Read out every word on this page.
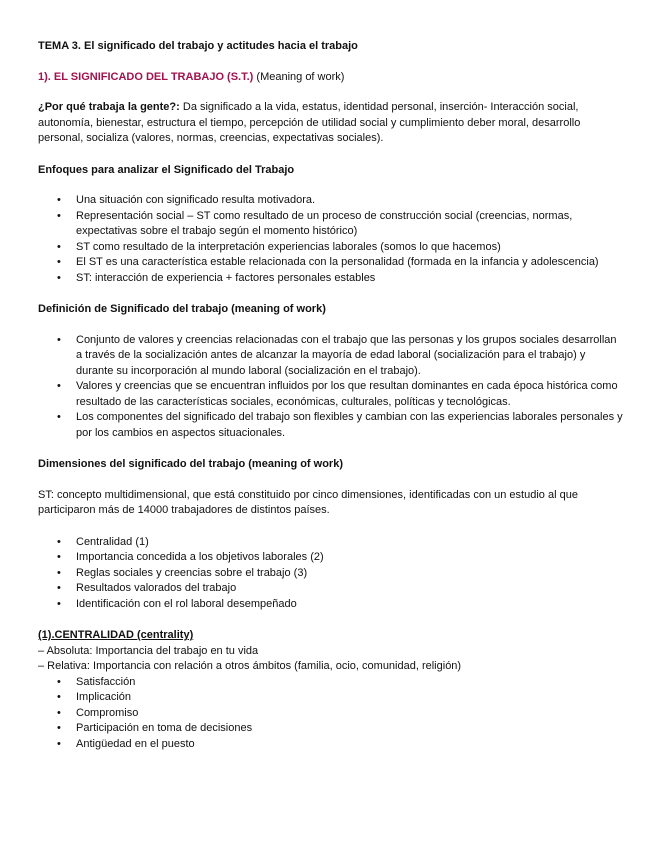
TEMA 3. El significado del trabajo y actitudes hacia el trabajo

1). EL SIGNIFICADO DEL TRABAJO (S.T.) (Meaning of work)

¿Por qué trabaja la gente?: Da significado a la vida, estatus, identidad personal, inserción- Interacción social, autonomía, bienestar, estructura el tiempo, percepción de utilidad social y cumplimiento deber moral, desarrollo personal, socializa (valores, normas, creencias, expectativas sociales).

Enfoques para analizar el Significado del Trabajo

• Una situación con significado resulta motivadora.
• Representación social – ST como resultado de un proceso de construcción social (creencias, normas, expectativas sobre el trabajo según el momento histórico)
• ST como resultado de la interpretación experiencias laborales (somos lo que hacemos)
• El ST es una característica estable relacionada con la personalidad (formada en la infancia y adolescencia)
• ST: interacción de experiencia + factores personales estables

Definición de Significado del trabajo (meaning of work)

• Conjunto de valores y creencias relacionadas con el trabajo que las personas y los grupos sociales desarrollan a través de la socialización antes de alcanzar la mayoría de edad laboral (socialización para el trabajo) y durante su incorporación al mundo laboral (socialización en el trabajo).
• Valores y creencias que se encuentran influidos por los que resultan dominantes en cada época histórica como resultado de las características sociales, económicas, culturales, políticas y tecnológicas.
• Los componentes del significado del trabajo son flexibles y cambian con las experiencias laborales personales y por los cambios en aspectos situacionales.

Dimensiones del significado del trabajo (meaning of work)

ST: concepto multidimensional, que está constituido por cinco dimensiones, identificadas con un estudio al que participaron más de 14000 trabajadores de distintos países.

• Centralidad (1)
• Importancia concedida a los objetivos laborales (2)
• Reglas sociales y creencias sobre el trabajo (3)
• Resultados valorados del trabajo
• Identificación con el rol laboral desempeñado

(1).CENTRALIDAD (centrality)

– Absoluta: Importancia del trabajo en tu vida

– Relativa: Importancia con relación a otros ámbitos (familia, ocio, comunidad, religión)

• Satisfacción
• Implicación
• Compromiso
• Participación en toma de decisiones
• Antigüedad en el puesto
